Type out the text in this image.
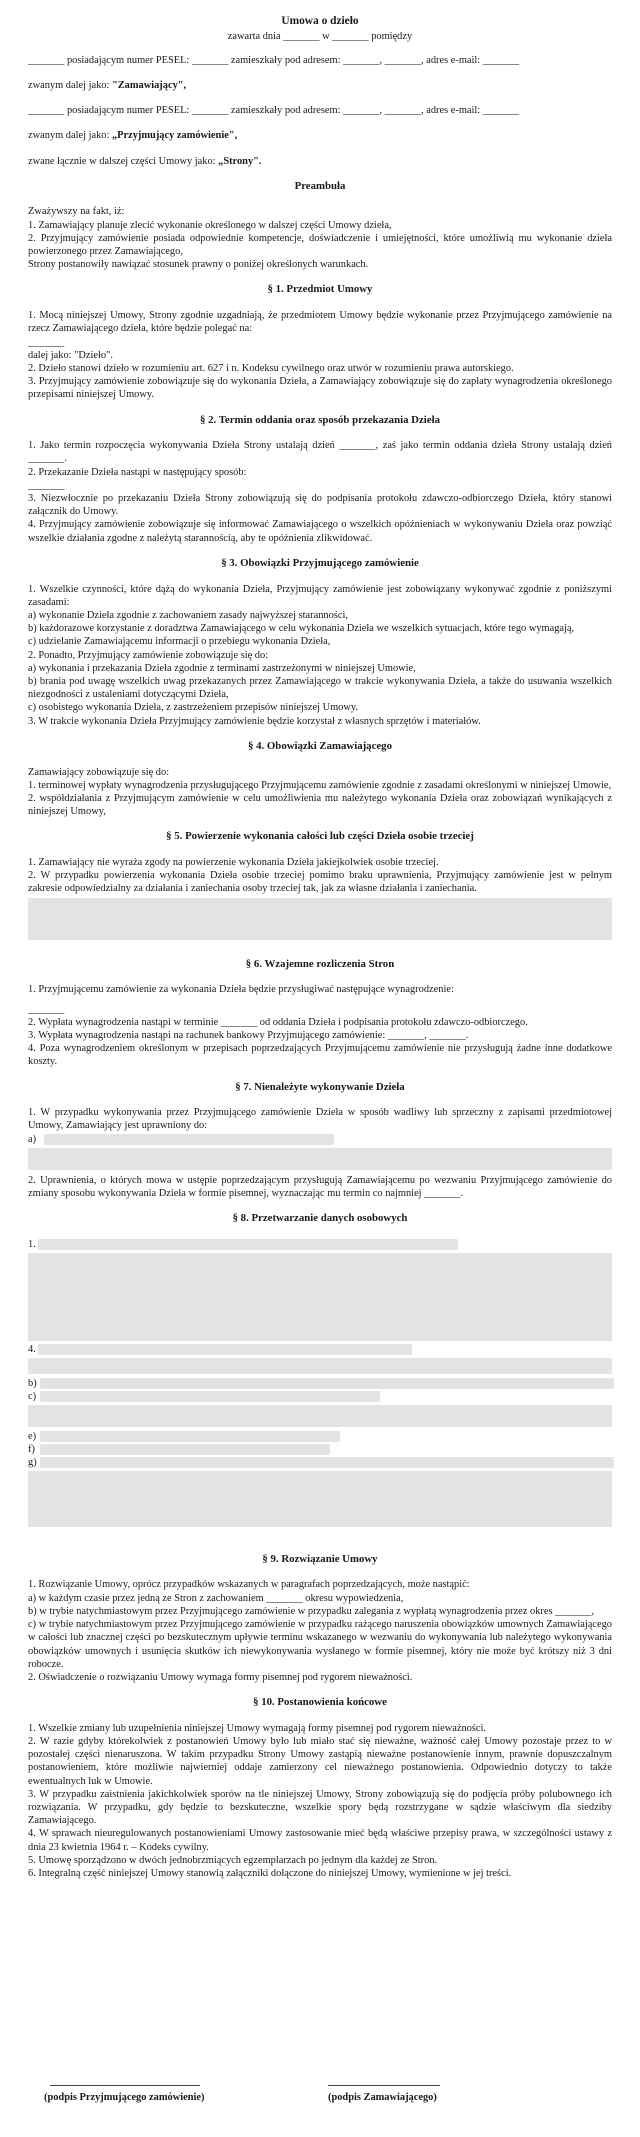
Umowa o dzieło

zawarta dnia _______ w _______ pomiędzy

_______ posiadającym numer PESEL: _______ zamieszkały pod adresem: _______, _______, adres e-mail: _______

zwanym dalej jako: "Zamawiający",

_______ posiadającym numer PESEL: _______ zamieszkały pod adresem: _______, _______, adres e-mail: _______

zwanym dalej jako: „Przyjmujący zamówienie",

zwane łącznie w dalszej części Umowy jako: „Strony".

Preambuła

Zważywszy na fakt, iż:

1. Zamawiający planuje zlecić wykonanie określonego w dalszej części Umowy dzieła,

2. Przyjmujący zamówienie posiada odpowiednie kompetencje, doświadczenie i umiejętności, które umożliwią mu wykonanie dzieła powierzonego przez Zamawiającego,

Strony postanowiły nawiązać stosunek prawny o poniżej określonych warunkach.

§ 1. Przedmiot Umowy

1. Mocą niniejszej Umowy, Strony zgodnie uzgadniają, że przedmiotem Umowy będzie wykonanie przez Przyjmującego zamówienie na rzecz Zamawiającego dzieła, które będzie polegać na:

_______

dalej jako: "Dzieło".

2. Dzieło stanowi dzieło w rozumieniu art. 627 i n. Kodeksu cywilnego oraz utwór w rozumieniu prawa autorskiego.

3. Przyjmujący zamówienie zobowiązuje się do wykonania Dzieła, a Zamawiający zobowiązuje się do zapłaty wynagrodzenia określonego przepisami niniejszej Umowy.

§ 2. Termin oddania oraz sposób przekazania Dzieła

1. Jako termin rozpoczęcia wykonywania Dzieła Strony ustalają dzień _______, zaś jako termin oddania dzieła Strony ustalają dzień _______.

2. Przekazanie Dzieła nastąpi w następujący sposób:

_______

3. Niezwłocznie po przekazaniu Dzieła Strony zobowiązują się do podpisania protokołu zdawczo-odbiorczego Dzieła, który stanowi załącznik do Umowy.

4. Przyjmujący zamówienie zobowiązuje się informować Zamawiającego o wszelkich opóźnieniach w wykonywaniu Dzieła oraz powziąć wszelkie działania zgodne z należytą starannością, aby te opóźnienia zlikwidować.

§ 3. Obowiązki Przyjmującego zamówienie

1. Wszelkie czynności, które dążą do wykonania Dzieła, Przyjmujący zamówienie jest zobowiązany wykonywać zgodnie z poniższymi zasadami:

a) wykonanie Dzieła zgodnie z zachowaniem zasady najwyższej staranności,

b) każdorazowe korzystanie z doradztwa Zamawiającego w celu wykonania Dzieła we wszelkich sytuacjach, które tego wymagają,

c) udzielanie Zamawiającemu informacji o przebiegu wykonania Dzieła,

2. Ponadto, Przyjmujący zamówienie zobowiązuje się do:

a) wykonania i przekazania Dzieła zgodnie z terminami zastrzeżonymi w niniejszej Umowie,

b) brania pod uwagę wszelkich uwag przekazanych przez Zamawiającego w trakcie wykonywania Dzieła, a także do usuwania wszelkich niezgodności z ustaleniami dotyczącymi Dzieła,

c) osobistego wykonania Dzieła, z zastrzeżeniem przepisów niniejszej Umowy.

3. W trakcie wykonania Dzieła Przyjmujący zamówienie będzie korzystał z własnych sprzętów i materiałów.

§ 4. Obowiązki Zamawiającego

Zamawiający zobowiązuje się do:

1. terminowej wypłaty wynagrodzenia przysługującego Przyjmującemu zamówienie zgodnie z zasadami określonymi w niniejszej Umowie,

2. współdziałania z Przyjmującym zamówienie w celu umożliwienia mu należytego wykonania Dzieła oraz zobowiązań wynikających z niniejszej Umowy,

§ 5. Powierzenie wykonania całości lub części Dzieła osobie trzeciej

1. Zamawiający nie wyraża zgody na powierzenie wykonania Dzieła jakiejkolwiek osobie trzeciej.

2. W przypadku powierzenia wykonania Dzieła osobie trzeciej pomimo braku uprawnienia, Przyjmujący zamówienie jest w pełnym zakresie odpowiedzialny za działania i zaniechania osoby trzeciej tak, jak za własne działania i zaniechania.

§ 6. Wzajemne rozliczenia Stron

1. Przyjmującemu zamówienie za wykonania Dzieła będzie przysługiwać następujące wynagrodzenie:

_______

2. Wypłata wynagrodzenia nastąpi w terminie _______ od oddania Dzieła i podpisania protokołu zdawczo-odbiorczego.

3. Wypłata wynagrodzenia nastąpi na rachunek bankowy Przyjmującego zamówienie: _______, _______.

4. Poza wynagrodzeniem określonym w przepisach poprzedzających Przyjmującemu zamówienie nie przysługują żadne inne dodatkowe koszty.

§ 7. Nienależyte wykonywanie Dzieła

1. W przypadku wykonywania przez Przyjmującego zamówienie Dzieła w sposób wadliwy lub sprzeczny z zapisami przedmiotowej Umowy, Zamawiający jest uprawniony do:

a)

2. Uprawnienia, o których mowa w ustępie poprzedzającym przysługują Zamawiającemu po wezwaniu Przyjmującego zamówienie do zmiany sposobu wykonywania Dzieła w formie pisemnej, wyznaczając mu termin co najmniej _______.

§ 8. Przetwarzanie danych osobowych
1.
4.
b)
c)
e)
f)
g)
§ 9. Rozwiązanie Umowy

1. Rozwiązanie Umowy, oprócz przypadków wskazanych w paragrafach poprzedzających, może nastąpić:

a) w każdym czasie przez jedną ze Stron z zachowaniem _______ okresu wypowiedzenia,

b) w trybie natychmiastowym przez Przyjmującego zamówienie w przypadku zalegania z wypłatą wynagrodzenia przez okres _______,

c) w trybie natychmiastowym przez Przyjmującego zamówienie w przypadku rażącego naruszenia obowiązków umownych Zamawiającego w całości lub znacznej części po bezskutecznym upływie terminu wskazanego w wezwaniu do wykonywania lub należytego wykonywania obowiązków umownych i usunięcia skutków ich niewykonywania wysłanego w formie pisemnej, który nie może być krótszy niż 3 dni robocze.

2. Oświadczenie o rozwiązaniu Umowy wymaga formy pisemnej pod rygorem nieważności.

§ 10. Postanowienia końcowe

1. Wszelkie zmiany lub uzupełnienia niniejszej Umowy wymagają formy pisemnej pod rygorem nieważności.

2. W razie gdyby którekolwiek z postanowień Umowy było lub miało stać się nieważne, ważność całej Umowy pozostaje przez to w pozostałej części nienaruszona. W takim przypadku Strony Umowy zastąpią nieważne postanowienie innym, prawnie dopuszczalnym postanowieniem, które możliwie najwierniej oddaje zamierzony cel nieważnego postanowienia. Odpowiednio dotyczy to także ewentualnych luk w Umowie.

3. W przypadku zaistnienia jakichkolwiek sporów na tle niniejszej Umowy, Strony zobowiązują się do podjęcia próby polubownego ich rozwiązania. W przypadku, gdy będzie to bezskuteczne, wszelkie spory będą rozstrzygane w sądzie właściwym dla siedziby Zamawiającego.

4. W sprawach nieuregulowanych postanowieniami Umowy zastosowanie mieć będą właściwe przepisy prawa, w szczególności ustawy z dnia 23 kwietnia 1964 r. – Kodeks cywilny.

5. Umowę sporządzono w dwóch jednobrzmiących egzemplarzach po jednym dla każdej ze Stron.

6. Integralną część niniejszej Umowy stanowią załączniki dołączone do niniejszej Umowy, wymienione w jej treści.

(podpis Przyjmującego zamówienie)	(podpis Zamawiającego)
